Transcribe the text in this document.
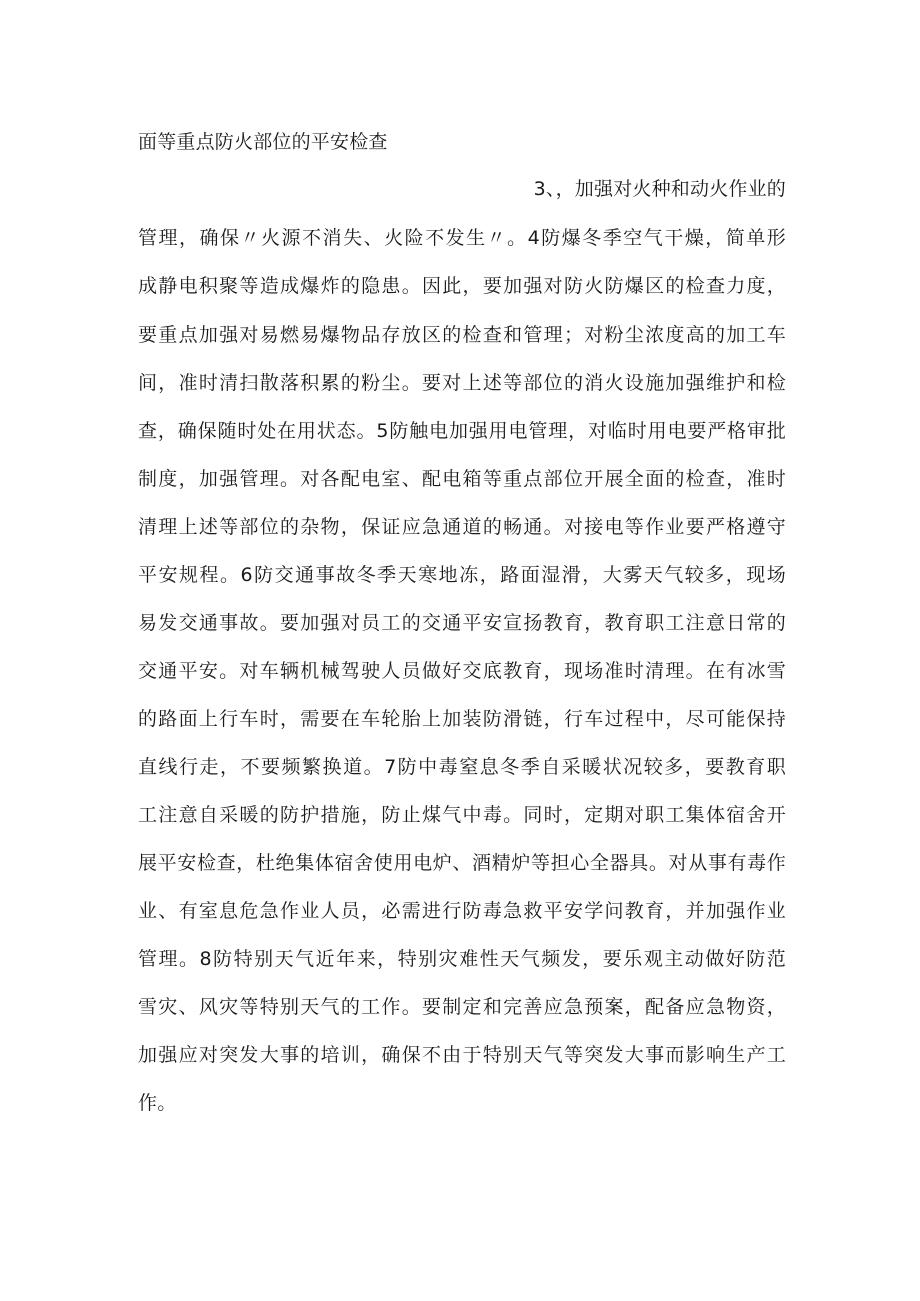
面等重点防火部位的平安检查
3、，加强对火种和动火作业的
管理，确保〃火源不消失、火险不发生〃。4防爆冬季空气干燥，简单形
成静电积聚等造成爆炸的隐患。因此，要加强对防火防爆区的检查力度，
要重点加强对易燃易爆物品存放区的检查和管理；对粉尘浓度高的加工车
间，准时清扫散落积累的粉尘。要对上述等部位的消火设施加强维护和检
查，确保随时处在用状态。5防触电加强用电管理，对临时用电要严格审批
制度，加强管理。对各配电室、配电箱等重点部位开展全面的检查，准时
清理上述等部位的杂物，保证应急通道的畅通。对接电等作业要严格遵守
平安规程。6防交通事故冬季天寒地冻，路面湿滑，大雾天气较多，现场
易发交通事故。要加强对员工的交通平安宣扬教育，教育职工注意日常的
交通平安。对车辆机械驾驶人员做好交底教育，现场准时清理。在有冰雪
的路面上行车时，需要在车轮胎上加装防滑链，行车过程中，尽可能保持
直线行走，不要频繁换道。7防中毒窒息冬季自采暖状况较多，要教育职
工注意自采暖的防护措施，防止煤气中毒。同时，定期对职工集体宿舍开
展平安检查，杜绝集体宿舍使用电炉、酒精炉等担心全器具。对从事有毒作
业、有室息危急作业人员，必需进行防毒急救平安学问教育，并加强作业
管理。8防特别天气近年来，特别灾难性天气频发，要乐观主动做好防范
雪灾、风灾等特别天气的工作。要制定和完善应急预案，配备应急物资，
加强应对突发大事的培训，确保不由于特别天气等突发大事而影响生产工
作。
